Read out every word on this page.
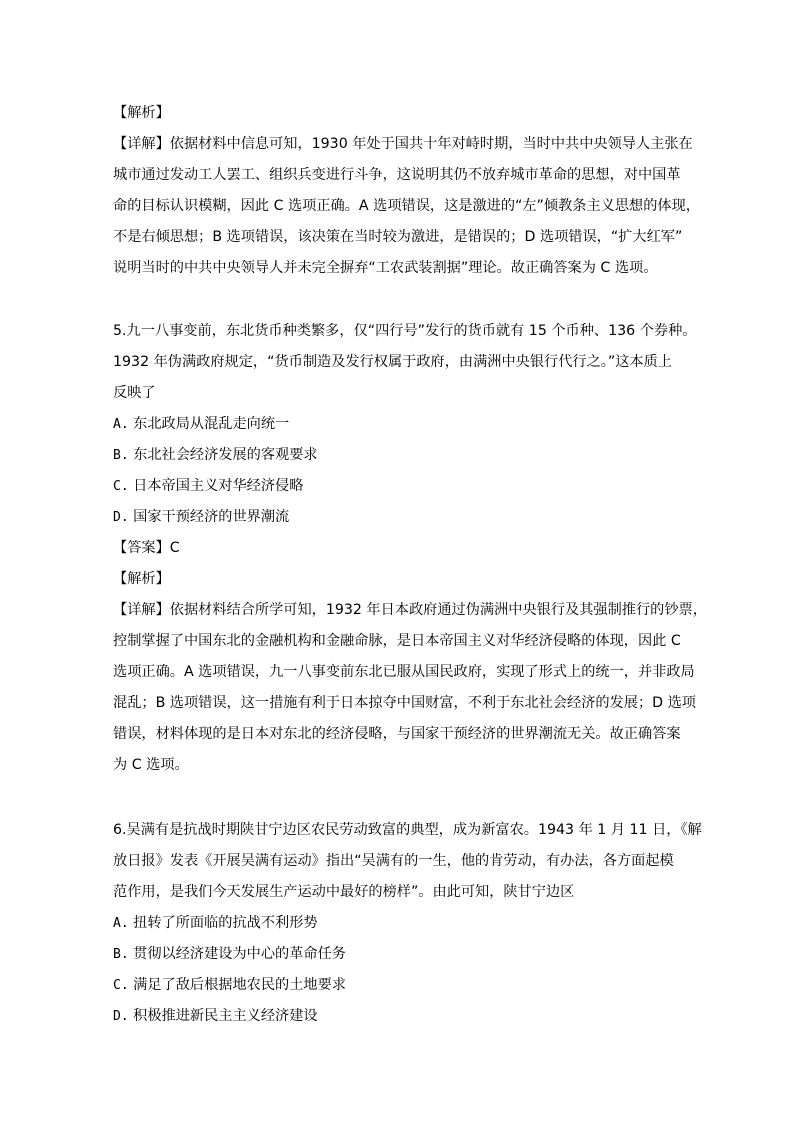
【解析】

【详解】依据材料中信息可知，1930 年处于国共十年对峙时期，当时中共中央领导人主张在

城市通过发动工人罢工、组织兵变进行斗争，这说明其仍不放弃城市革命的思想，对中国革

命的目标认识模糊，因此 C 选项正确。A 选项错误，这是激进的“左”倾教条主义思想的体现，

不是右倾思想；B 选项错误，该决策在当时较为激进，是错误的；D 选项错误，“扩大红军”

说明当时的中共中央领导人并未完全摒弃“工农武装割据”理论。故正确答案为 C 选项。

5.九一八事变前，东北货币种类繁多，仅“四行号”发行的货币就有 15 个币种、136 个券种。

1932 年伪满政府规定，“货币制造及发行权属于政府，由满洲中央银行代行之。”这本质上

反映了

A. 东北政局从混乱走向统一

B. 东北社会经济发展的客观要求

C. 日本帝国主义对华经济侵略

D. 国家干预经济的世界潮流

【答案】C

【解析】

【详解】依据材料结合所学可知，1932 年日本政府通过伪满洲中央银行及其强制推行的钞票，

控制掌握了中国东北的金融机构和金融命脉，是日本帝国主义对华经济侵略的体现，因此 C

选项正确。A 选项错误，九一八事变前东北已服从国民政府，实现了形式上的统一，并非政局

混乱；B 选项错误，这一措施有利于日本掠夺中国财富，不利于东北社会经济的发展；D 选项

错误，材料体现的是日本对东北的经济侵略，与国家干预经济的世界潮流无关。故正确答案

为 C 选项。

6.吴满有是抗战时期陕甘宁边区农民劳动致富的典型，成为新富农。1943 年 1 月 11 日，《解

放日报》发表《开展吴满有运动》指出“吴满有的一生，他的肯劳动，有办法，各方面起模

范作用，是我们今天发展生产运动中最好的榜样”。由此可知，陕甘宁边区

A. 扭转了所面临的抗战不利形势

B. 贯彻以经济建设为中心的革命任务

C. 满足了敌后根据地农民的土地要求

D. 积极推进新民主主义经济建设
